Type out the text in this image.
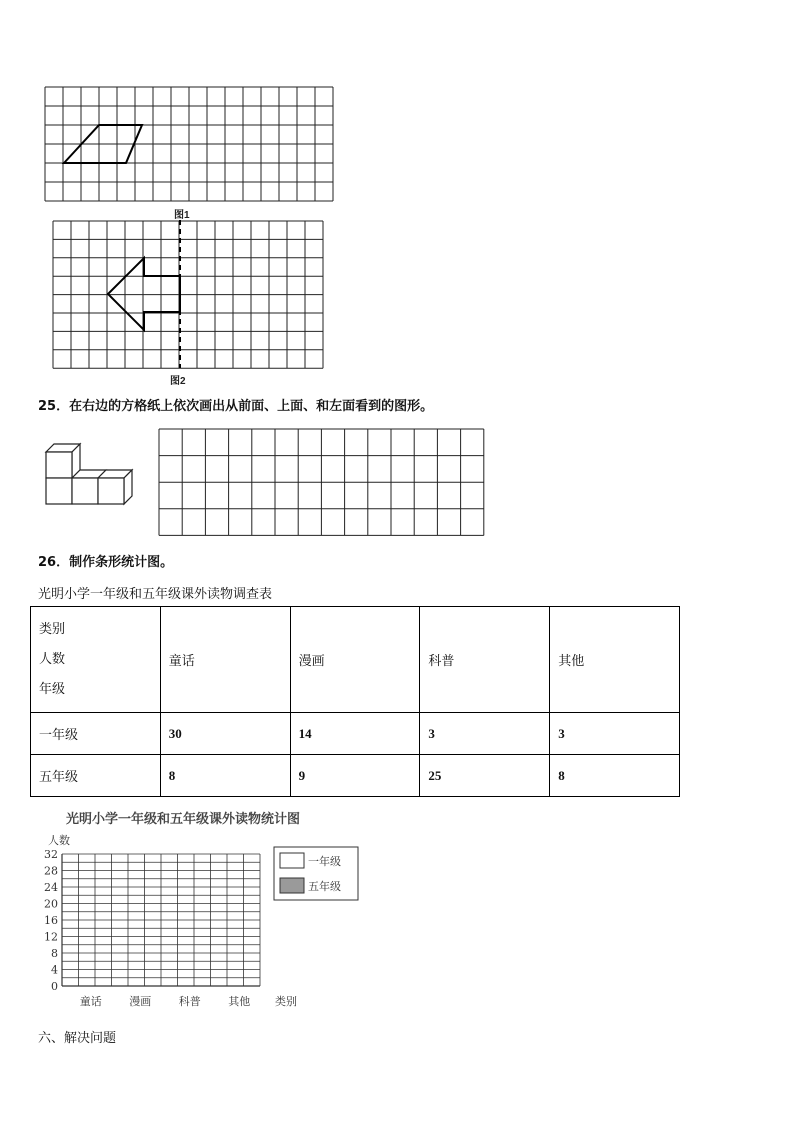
图1
图2
25．在右边的方格纸上依次画出从前面、上面、和左面看到的图形。
26．制作条形统计图。
光明小学一年级和五年级课外读物调查表
类别
人数
年级	童话	漫画	科普	其他
一年级	30	14	3	3
五年级	8	9	25	8
光明小学一年级和五年级课外读物统计图
人数
0
4
8
12
16
20
24
28
32
童话	漫画	科普	其他 类别
一年级
五年级
六、解决问题
